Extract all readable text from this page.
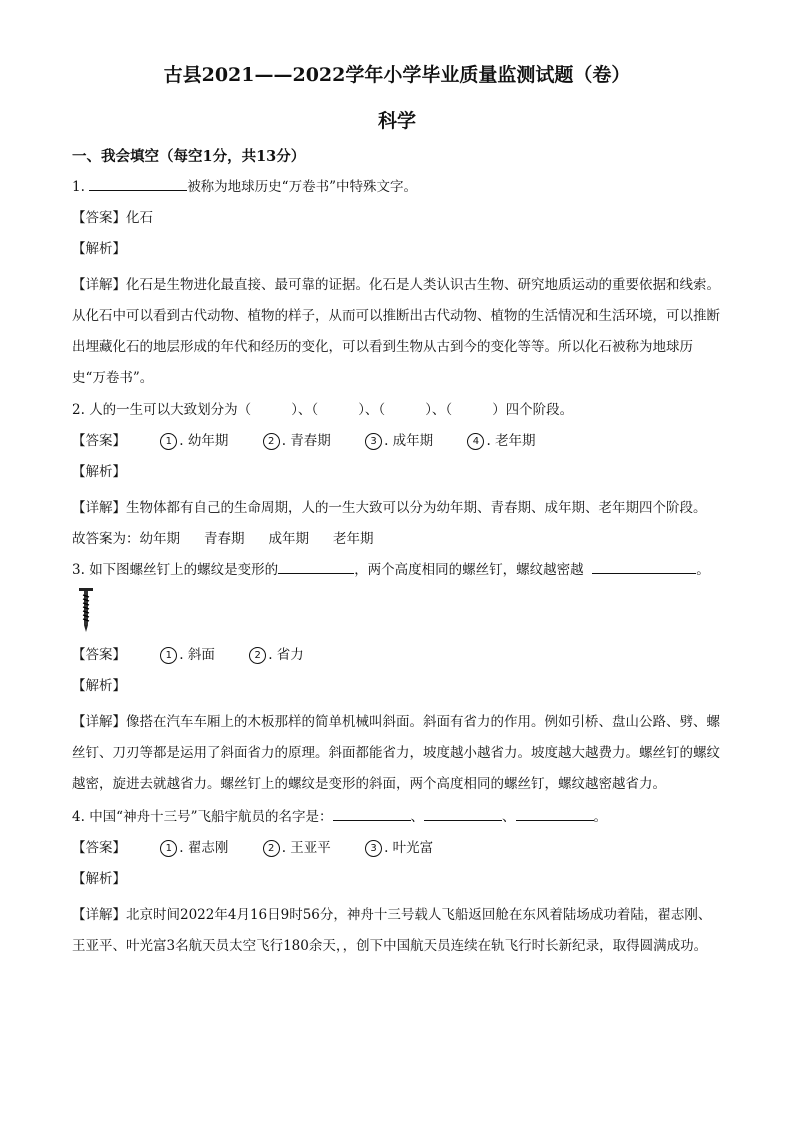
古县2021——2022学年小学毕业质量监测试题（卷）
科学
一、我会填空（每空1分，共13分）
1.	被称为地球历史“万卷书”中特殊文字。
【答案】化石
【解析】
【详解】化石是生物进化最直接、最可靠的证据。化石是人类认识古生物、研究地质运动的重要依据和线索。从化石中可以看到古代动物、植物的样子，从而可以推断出古代动物、植物的生活情况和生活环境，可以推断出埋藏化石的地层形成的年代和经历的变化，可以看到生物从古到今的变化等等。所以化石被称为地球历史“万卷书”。
2. 人的一生可以大致划分为（	）、（	）、（	）、（	）四个阶段。
【答案】	1 . 幼年期	2 . 青春期	3 . 成年期	4 . 老年期
【解析】
【详解】生物体都有自己的生命周期，人的一生大致可以分为幼年期、青春期、成年期、老年期四个阶段。
故答案为：幼年期 青春期 成年期 老年期
3. 如下图螺丝钉上的螺纹是变形的	，两个高度相同的螺丝钉，螺纹越密越	。
【答案】	1 . 斜面	2 . 省力
【解析】
【详解】像搭在汽车车厢上的木板那样的简单机械叫斜面。斜面有省力的作用。例如引桥、盘山公路、劈、螺丝钉、刀刃等都是运用了斜面省力的原理。斜面都能省力，坡度越小越省力。坡度越大越费力。螺丝钉的螺纹越密，旋进去就越省力。螺丝钉上的螺纹是变形的斜面，两个高度相同的螺丝钉，螺纹越密越省力。
4. 中国“神舟十三号”飞船宇航员的名字是：	、	、	。
【答案】	1 . 翟志刚	2 . 王亚平	3 . 叶光富
【解析】
【详解】北京时间2022年4月16日9时56分，神舟十三号载人飞船返回舱在东风着陆场成功着陆，翟志刚、王亚平、叶光富3名航天员太空飞行180余天，，创下中国航天员连续在轨飞行时长新纪录，取得圆满成功。
